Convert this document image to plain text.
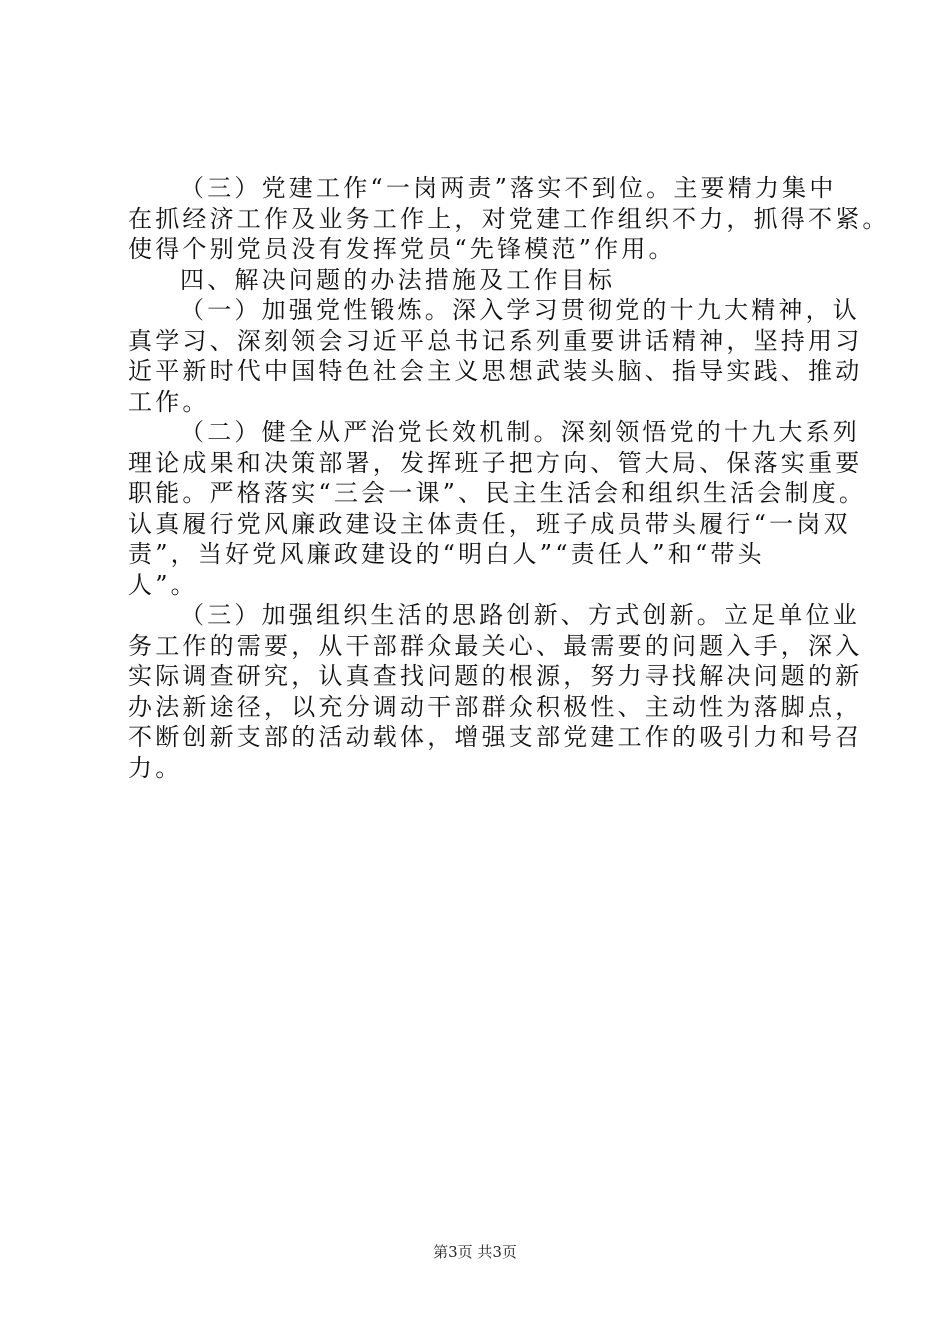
（三）党建工作“一岗两责”落实不到位。主要精力集中
在抓经济工作及业务工作上，对党建工作组织不力，抓得不紧。
使得个别党员没有发挥党员“先锋模范”作用。
四、解决问题的办法措施及工作目标
（一）加强党性锻炼。深入学习贯彻党的十九大精神，认
真学习、深刻领会习近平总书记系列重要讲话精神，坚持用习
近平新时代中国特色社会主义思想武装头脑、指导实践、推动
工作。
（二）健全从严治党长效机制。深刻领悟党的十九大系列
理论成果和决策部署，发挥班子把方向、管大局、保落实重要
职能。严格落实“三会一课”、民主生活会和组织生活会制度。
认真履行党风廉政建设主体责任，班子成员带头履行“一岗双
责”，当好党风廉政建设的“明白人”“责任人”和“带头
人”。
（三）加强组织生活的思路创新、方式创新。立足单位业
务工作的需要，从干部群众最关心、最需要的问题入手，深入
实际调查研究，认真查找问题的根源，努力寻找解决问题的新
办法新途径，以充分调动干部群众积极性、主动性为落脚点，
不断创新支部的活动载体，增强支部党建工作的吸引力和号召
力。
第3页 共3页
